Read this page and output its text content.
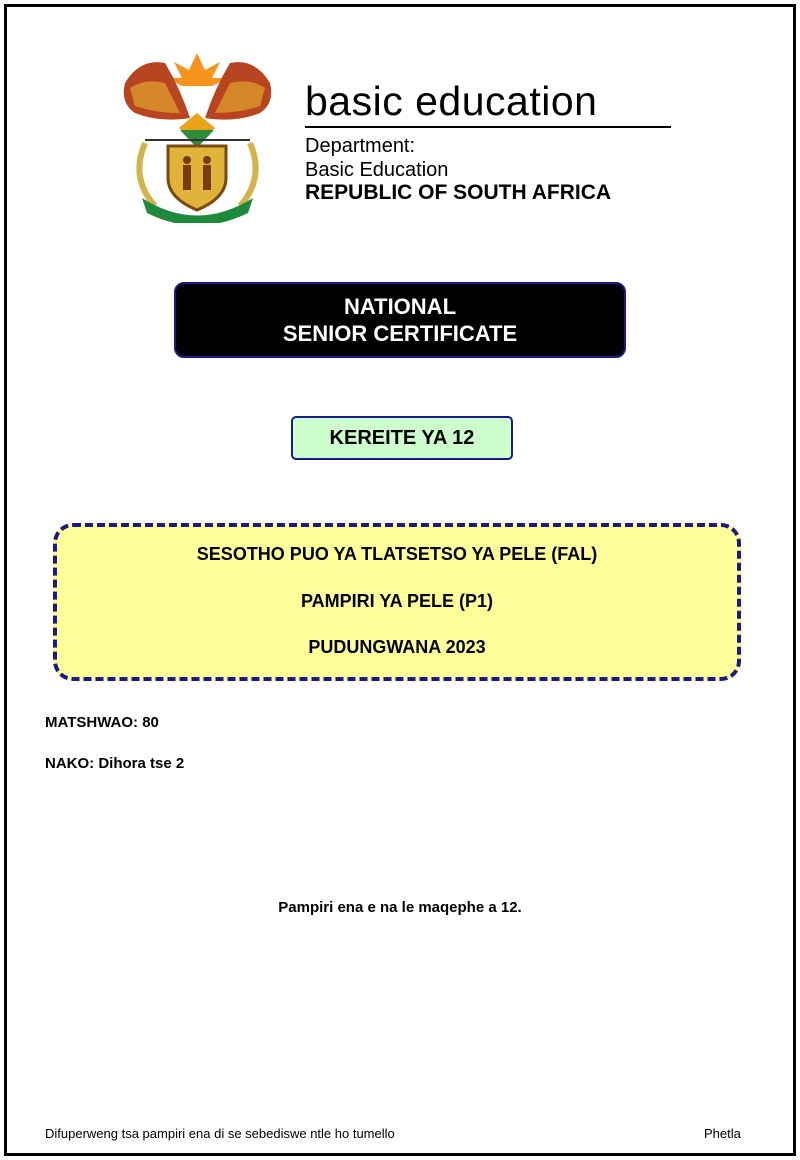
basic education
Department:
Basic Education
REPUBLIC OF SOUTH AFRICA
NATIONAL
SENIOR CERTIFICATE
KEREITE YA 12
SESOTHO PUO YA TLATSETSO YA PELE (FAL)
PAMPIRI YA PELE (P1)
PUDUNGWANA 2023
MATSHWAO: 80
NAKO: Dihora tse 2
Pampiri ena e na le maqephe a 12.
Difuperweng tsa pampiri ena di se sebediswe ntle ho tumello	Phetla
